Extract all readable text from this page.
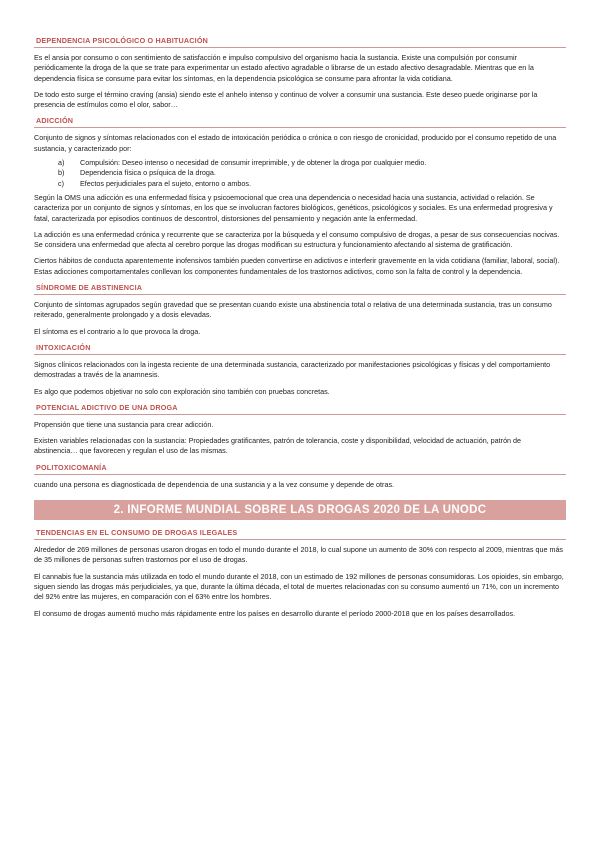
DEPENDENCIA PSICOLÓGICO O HABITUACIÓN

Es el ansia por consumo o con sentimiento de satisfacción e impulso compulsivo del organismo hacia la sustancia. Existe una compulsión por consumir periódicamente la droga de la que se trate para experimentar un estado afectivo agradable o librarse de un estado afectivo desagradable. Mientras que en la dependencia física se consume para evitar los síntomas, en la dependencia psicológica se consume para afrontar la vida cotidiana.

De todo esto surge el término craving (ansia) siendo este el anhelo intenso y continuo de volver a consumir una sustancia. Este deseo puede originarse por la presencia de estímulos como el olor, sabor…

ADICCIÓN

Conjunto de signos y síntomas relacionados con el estado de intoxicación periódica o crónica o con riesgo de cronicidad, producido por el consumo repetido de una sustancia, y caracterizado por:

a)	Compulsión: Deseo intenso o necesidad de consumir irreprimible, y de obtener la droga por cualquier medio.
b)	Dependencia física o psíquica de la droga.
c)	Efectos perjudiciales para el sujeto, entorno o ambos.

Según la OMS una adicción es una enfermedad física y psicoemocional que crea una dependencia o necesidad hacia una sustancia, actividad o relación. Se caracteriza por un conjunto de signos y síntomas, en los que se involucran factores biológicos, genéticos, psicológicos y sociales. Es una enfermedad progresiva y fatal, caracterizada por episodios continuos de descontrol, distorsiones del pensamiento y negación ante la enfermedad.

La adicción es una enfermedad crónica y recurrente que se caracteriza por la búsqueda y el consumo compulsivo de drogas, a pesar de sus consecuencias nocivas. Se considera una enfermedad que afecta al cerebro porque las drogas modifican su estructura y funcionamiento afectando al sistema de gratificación.

Ciertos hábitos de conducta aparentemente inofensivos también pueden convertirse en adictivos e interferir gravemente en la vida cotidiana (familiar, laboral, social). Estas adicciones comportamentales conllevan los componentes fundamentales de los trastornos adictivos, como son la falta de control y la dependencia.

SÍNDROME DE ABSTINENCIA

Conjunto de síntomas agrupados según gravedad que se presentan cuando existe una abstinencia total o relativa de una determinada sustancia, tras un consumo reiterado, generalmente prolongado y a dosis elevadas.

El síntoma es el contrario a lo que provoca la droga.

INTOXICACIÓN

Signos clínicos relacionados con la ingesta reciente de una determinada sustancia, caracterizado por manifestaciones psicológicas y físicas y del comportamiento demostradas a través de la anamnesis.

Es algo que podemos objetivar no solo con exploración sino también con pruebas concretas.

POTENCIAL ADICTIVO DE UNA DROGA

Propensión que tiene una sustancia para crear adicción.

Existen variables relacionadas con la sustancia: Propiedades gratificantes, patrón de tolerancia, coste y disponibilidad, velocidad de actuación, patrón de abstinencia… que favorecen y regulan el uso de las mismas.

POLITOXICOMANÍA

cuando una persona es diagnosticada de dependencia de una sustancia y a la vez consume y depende de otras.

2. INFORME MUNDIAL SOBRE LAS DROGAS 2020 DE LA UNODC
TENDENCIAS EN EL CONSUMO DE DROGAS ILEGALES

Alrededor de 269 millones de personas usaron drogas en todo el mundo durante el 2018, lo cual supone un aumento de 30% con respecto al 2009, mientras que más de 35 millones de personas sufren trastornos por el uso de drogas.

El cannabis fue la sustancia más utilizada en todo el mundo durante el 2018, con un estimado de 192 millones de personas consumidoras. Los opioides, sin embargo, siguen siendo las drogas más perjudiciales, ya que, durante la última década, el total de muertes relacionadas con su consumo aumentó un 71%, con un incremento del 92% entre las mujeres, en comparación con el 63% entre los hombres.

El consumo de drogas aumentó mucho más rápidamente entre los países en desarrollo durante el período 2000-2018 que en los países desarrollados.
